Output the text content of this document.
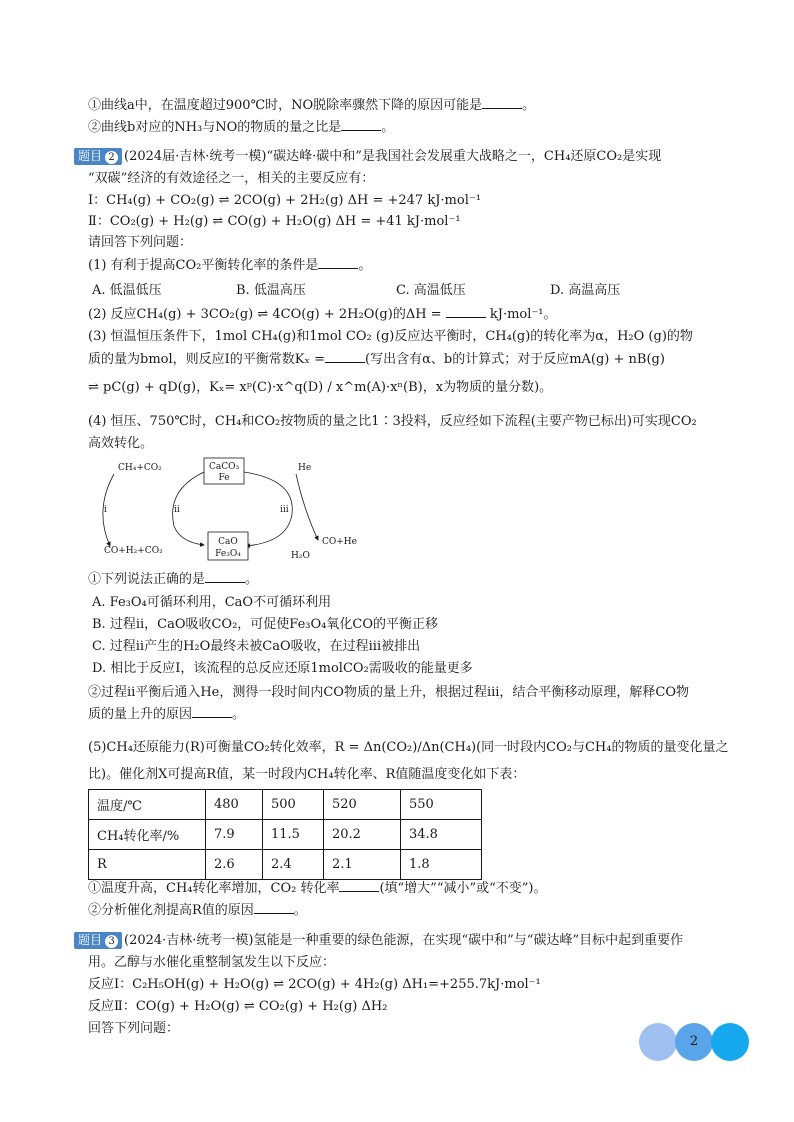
①曲线a中，在温度超过900℃时，NO脱除率骤然下降的原因可能是	。
②曲线b对应的NH₃与NO的物质的量之比是	。
题目 2 (2024届·吉林·统考一模)“碳达峰·碳中和”是我国社会发展重大战略之一，CH₄还原CO₂是实现
“双碳”经济的有效途径之一，相关的主要反应有：
Ⅰ：CH₄(g) + CO₂(g) ⇌ 2CO(g) + 2H₂(g) ΔH = +247 kJ·mol⁻¹
Ⅱ：CO₂(g) + H₂(g) ⇌ CO(g) + H₂O(g) ΔH = +41 kJ·mol⁻¹
请回答下列问题：
(1) 有利于提高CO₂平衡转化率的条件是	。
A. 低温低压	B. 低温高压	C. 高温低压	D. 高温高压
(2) 反应CH₄(g) + 3CO₂(g) ⇌ 4CO(g) + 2H₂O(g)的ΔH =	kJ·mol⁻¹。
(3) 恒温恒压条件下，1mol CH₄(g)和1mol CO₂ (g)反应达平衡时，CH₄(g)的转化率为α，H₂O (g)的物
质的量为bmol，则反应Ⅰ的平衡常数Kₓ =	(写出含有α、b的计算式；对于反应mA(g) + nB(g)
⇌ pC(g) + qD(g)，Kₓ= xᵖ(C)·x^q(D) / x^m(A)·xⁿ(B)，x为物质的量分数)。
(4) 恒压、750℃时，CH₄和CO₂按物质的量之比1∶3投料，反应经如下流程(主要产物已标出)可实现CO₂
高效转化。
CH₄+CO₂	CaCO₃
Fe
He
i	ii	iii
CaO
Fe₃O₄
CO+H₂+CO₂	H₂O
CO+He
①下列说法正确的是	。
A. Fe₃O₄可循环利用，CaO不可循环利用
B. 过程ii，CaO吸收CO₂，可促使Fe₃O₄氧化CO的平衡正移
C. 过程ii产生的H₂O最终未被CaO吸收，在过程iii被排出
D. 相比于反应Ⅰ，该流程的总反应还原1molCO₂需吸收的能量更多
②过程ii平衡后通入He，测得一段时间内CO物质的量上升，根据过程iii，结合平衡移动原理，解释CO物
质的量上升的原因	。
(5)CH₄还原能力(R)可衡量CO₂转化效率，R = Δn(CO₂)/Δn(CH₄)(同一时段内CO₂与CH₄的物质的量变化量之
比)。催化剂X可提高R值，某一时段内CH₄转化率、R值随温度变化如下表：
温度/℃	480	500	520	550
CH₄转化率/%	7.9	11.5	20.2	34.8
R	2.6	2.4	2.1	1.8
①温度升高，CH₄转化率增加，CO₂ 转化率	(填“增大”“减小”或“不变”)。
②分析催化剂提高R值的原因	。
题目 3 (2024·吉林·统考一模)氢能是一种重要的绿色能源，在实现“碳中和”与“碳达峰”目标中起到重要作
用。乙醇与水催化重整制氢发生以下反应：
反应Ⅰ：C₂H₅OH(g) + H₂O(g) ⇌ 2CO(g) + 4H₂(g) ΔH₁=+255.7kJ·mol⁻¹
反应Ⅱ：CO(g) + H₂O(g) ⇌ CO₂(g) + H₂(g) ΔH₂
回答下列问题：
2
